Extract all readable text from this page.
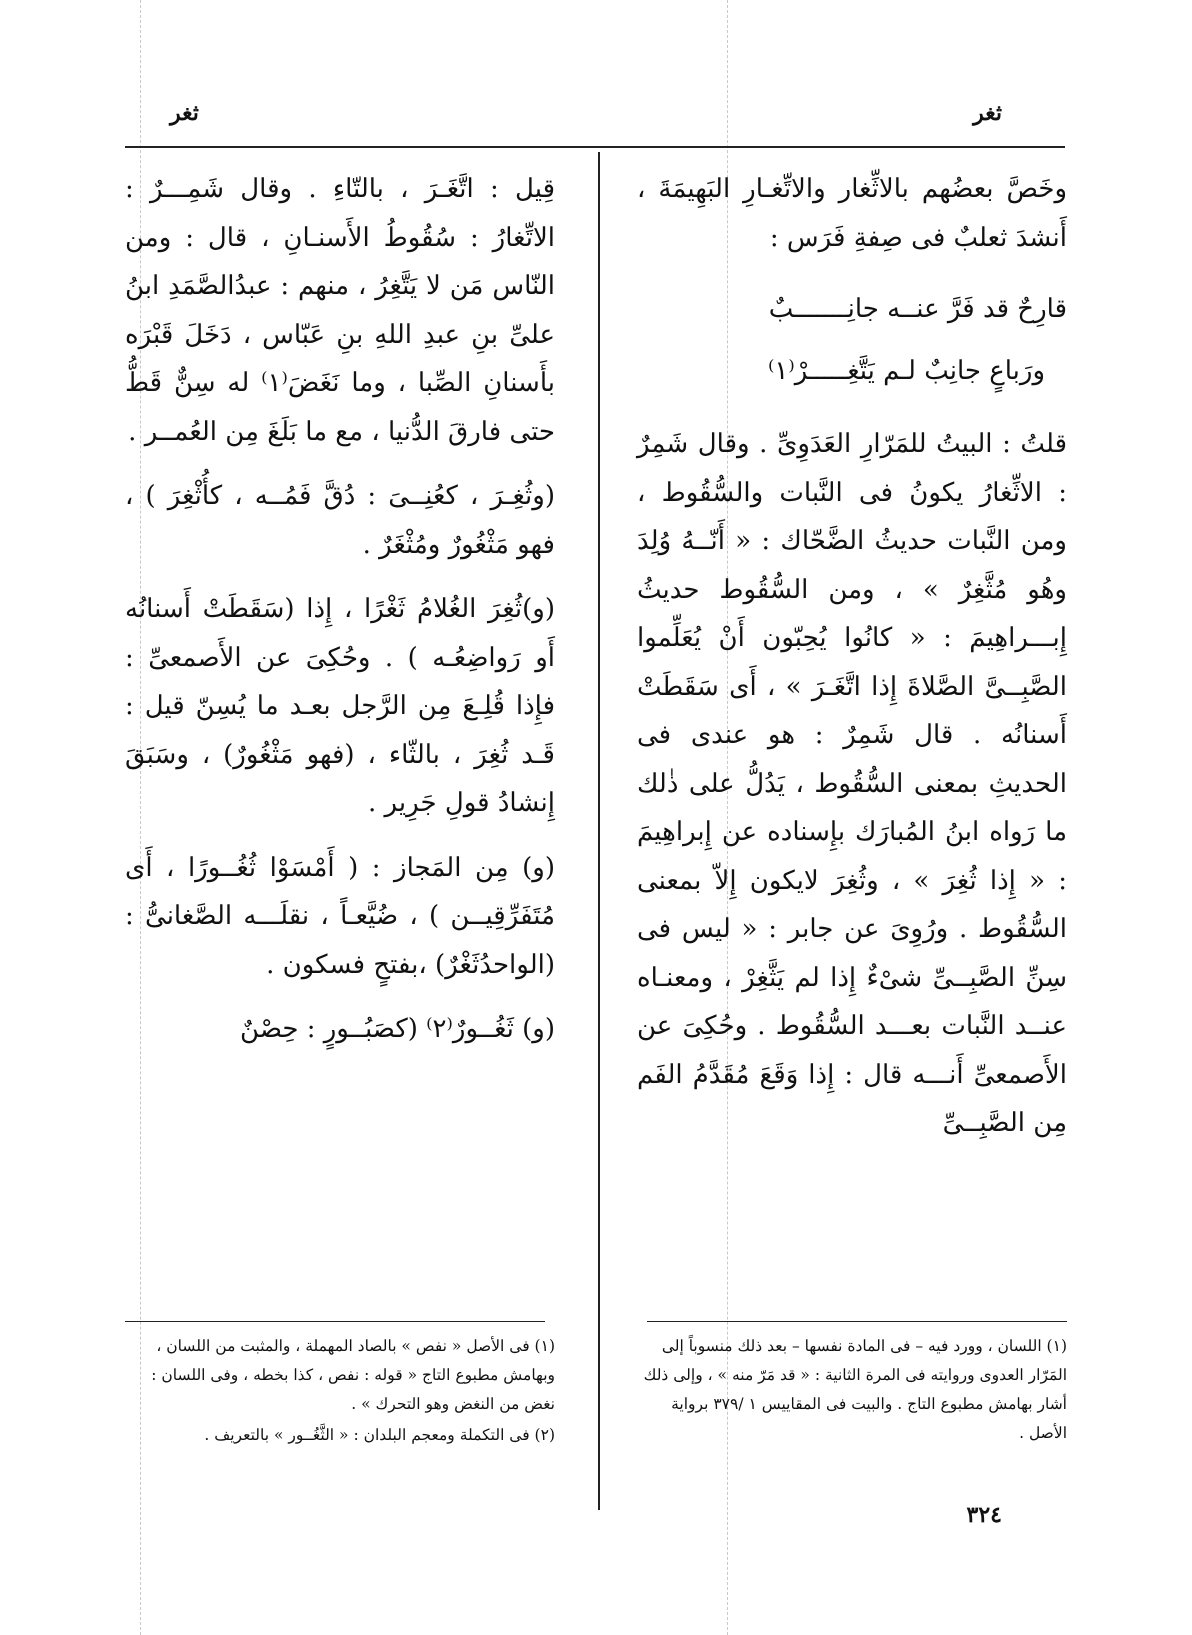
ثغر
ثغر

وخَصَّ بعضُهم بالاثِّغار والاتِّغـارِ البَهِيمَةَ ، أَنشدَ ثعلبٌ فى صِفةِ فَرَس :

قارِحٌ قد فَرَّ عنــه جانِـــــــبٌ
ورَباعٍ جانِبٌ لـم يَتَّغِـــــرْ⁽١⁾

قلتُ : البيتُ للمَرّارِ العَدَوِىِّ . وقال شَمِرٌ : الاثِّغارُ يكونُ فى النَّبات والسُّقُوط ، ومن النَّبات حديثُ الضَّحّاك : « أَنّــهُ وُلِدَ وهُو مُثَّغِرٌ » ، ومن السُّقُوط حديثُ إِبـــراهِيمَ : « كانُوا يُحِبّون أَنْ يُعَلِّموا الصَّبِــىَّ الصَّلاةَ إِذا اتَّغَـرَ » ، أَى سَقَطَتْ أَسنانُه . قال شَمِرٌ : هو عندى فى الحديثِ بمعنى السُّقُوط ، يَدُلُّ على ذٰلك ما رَواه ابنُ المُبارَك بإِسناده عن إِبراهِيمَ : « إِذا ثُغِرَ » ، وثُغِرَ لايكون إِلاّ بمعنى السُّقُوط . ورُوِىَ عن جابر : « ليس فى سِنِّ الصَّبِــىِّ شىْءٌ إِذا لم يَثَّغِرْ ، ومعنـاه عنــد النَّبات بعـــد السُّقُوط . وحُكِىَ عن الأَصمعىِّ أَنـــه قال : إِذا وَقَعَ مُقَدَّمُ الفَم مِن الصَّبِــىِّ

قِيل : اتَّغَـرَ ، بالتّاءِ . وقال شَمِـــرٌ : الاتِّغارُ : سُقُوطُ الأَسنـانِ ، قال : ومن النّاس مَن لا يَتَّغِرُ ، منهم : عبدُالصَّمَدِ ابنُ علىِّ بنِ عبدِ اللهِ بنِ عَبّاس ، دَخَلَ قَبْرَه بأَسنانِ الصِّبا ، وما نَغَضَ⁽١⁾ له سِنٌّ قَطُّ حتى فارقَ الدُّنيا ، مع ما بَلَغَ مِن العُمــر .

(وثُغِـرَ ، كعُنِــىَ : دُقَّ فَمُــه ، كأُثْغِرَ ) ، فهو مَثْغُورٌ ومُثْغَرٌ .

(و)ثُغِرَ الغُلامُ ثَغْرًا ، إِذا (سَقَطَتْ أَسنانُه أَو رَواضِعُـه ) . وحُكِىَ عن الأَصمعىِّ : فإِذا قُلِـعَ مِن الرَّجل بعـد ما يُسِنّ قيل : قَـد ثُغِرَ ، بالثّاء ، (فهو مَثْغُورٌ) ، وسَبَقَ إِنشادُ قولِ جَرِير .

(و) مِن المَجاز : ( أَمْسَوْا ثُغُــورًا ، أَى مُتَفَرِّقِيــن ) ، ضُيَّعـاً ، نقلَـــه الصَّغانىُّ : (الواحدُثَغْرٌ) ،بفتحٍ فسكون .

(و) ثَغُــورٌ⁽٢⁾ (كصَبُــورٍ : حِصْنٌ

(١) اللسان ، وورد فيه – فى المادة نفسها – بعد ذلك منسوباً إلى المَرّار العدوى وروايته فى المرة الثانية : « قد مَرّ منه » ، وإلى ذلك أشار بهامش مطبوع التاج . والبيت فى المقاييس ١ /٣٧٩ برواية الأصل .

(١) فى الأصل « نفص » بالصاد المهملة ، والمثبت من اللسان ، وبهامش مطبوع التاج « قوله : نفص ، كذا بخطه ، وفى اللسان : نغض من النغض وهو التحرك » .

(٢) فى التكملة ومعجم البلدان : « الثَّغُــور » بالتعريف .

٣٢٤
